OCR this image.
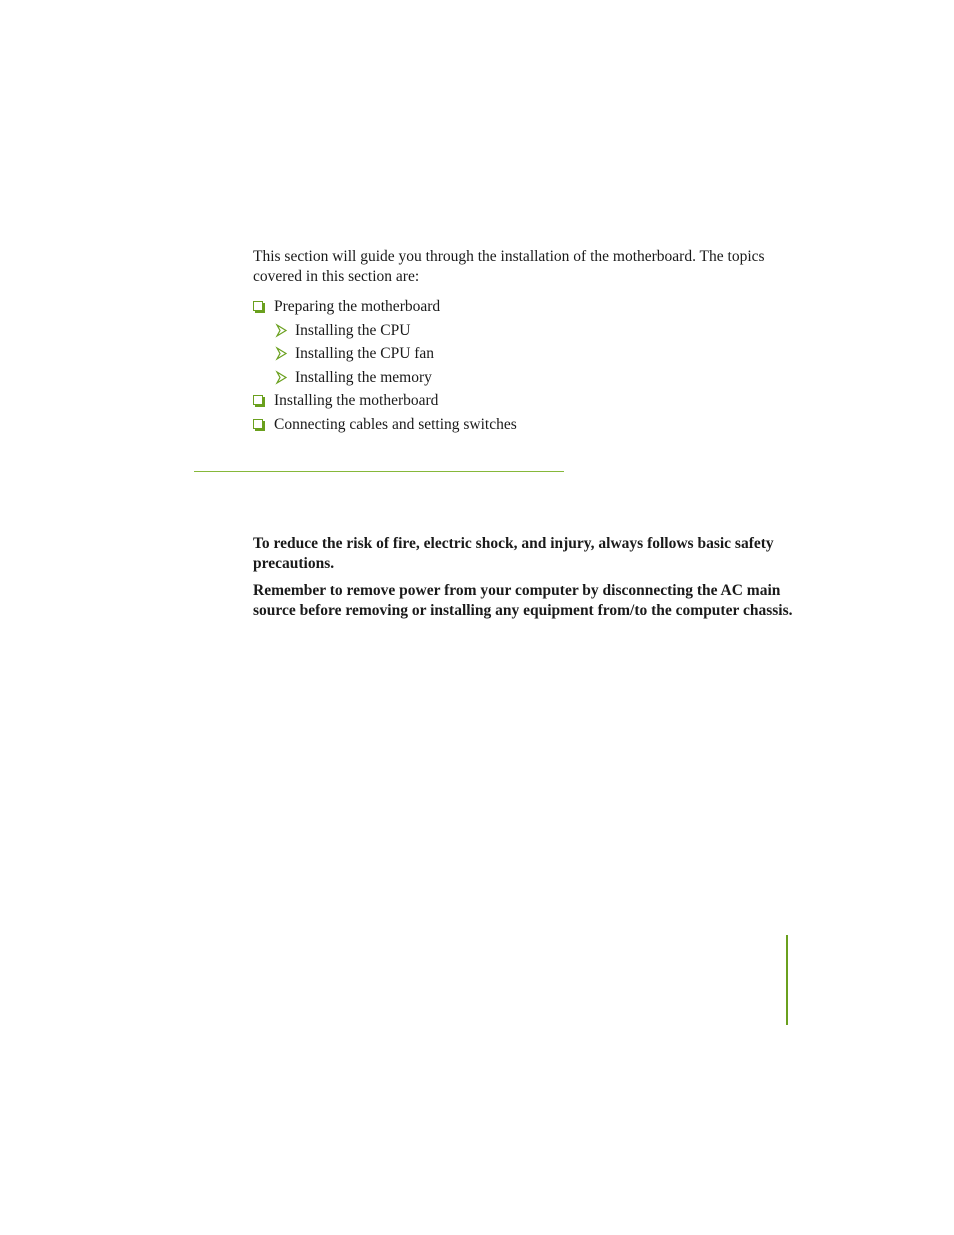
This section will guide you through the installation of the motherboard. The topics covered in this section are:

Preparing the motherboard
Installing the CPU
Installing the CPU fan
Installing the memory
Installing the motherboard
Connecting cables and setting switches

To reduce the risk of fire, electric shock, and injury, always follows basic safety precautions.

Remember to remove power from your computer by disconnecting the AC main source before removing or installing any equipment from/to the computer chassis.
